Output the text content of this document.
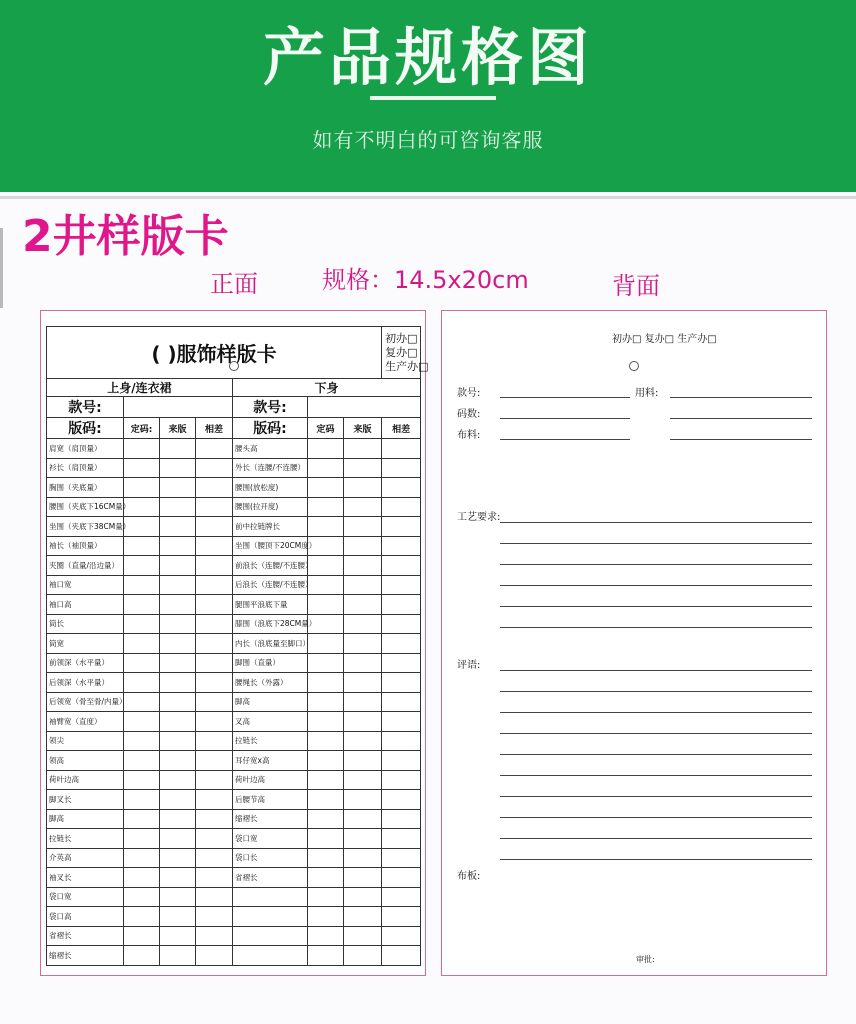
产品规格图
如有不明白的可咨询客服
2井样版卡
正面	规格：14.5x20cm	背面
( )服饰样版卡							初办□
复办□
生产办□

上身/连衣裙				下身			
款号:				款号:			
版码:	定码:	来版	相差	版码:	定码	来版	相差
肩宽（肩顶量）				腰头高			
衫长（肩顶量）				外长（连腰/不连腰）			
胸围（夹底量）				腰围(放松度)			
腰围（夹底下16CM量）				腰围(拉开度)			
坐围（夹底下38CM量）				前中拉链牌长			
袖长（袖顶量）				坐围（腰顶下20CM度）			
夹圈（直量/沿边量）				前浪长（连腰/不连腰）			
袖口宽				后浪长（连腰/不连腰）			
袖口高				腿围平浪底下量			
筒长				膝围（浪底下28CM量）			
筒宽				内长（浪底量至脚口）			
前领深（水平量）				脚围（直量）			
后领深（水平量）				腰绳长（外露）			
后领宽（骨至骨/内量）				脚高			
袖臂宽（直度）				叉高			
领尖				拉链长			
领高				耳仔宽x高			
荷叶边高				荷叶边高			
脚叉长				后腰节高			
脚高				缩褶长			
拉链长				袋口宽			
介英高				袋口长			
袖叉长				省褶长			
袋口宽							
袋口高							
省褶长							
缩褶长							
初办□ 复办□ 生产办□
款号:	用料:
码数:
布料:
工艺要求:
评语:
布板:
审批:
